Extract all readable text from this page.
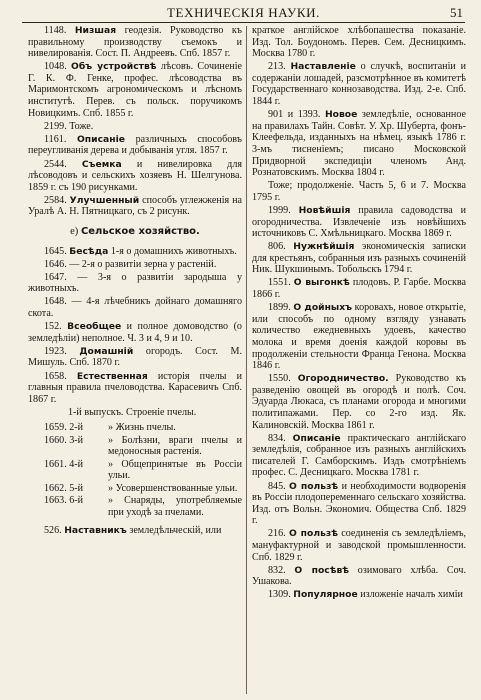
ТЕХНИЧЕСКІЯ НАУКИ.	51

1148. Низшая геодезія. Руководство къ правильному производству съемокъ и нивелированія. Сост. П. Андреевъ. Спб. 1857 г.

1048. Объ устройствѣ лѣсовъ. Сочиненіе Г. К. Ф. Генке, профес. лѣсоводства въ Маримонтскомъ агрономическомъ и лѣсномъ институтѣ. Перев. съ польск. поручикомъ Новицкимъ. Спб. 1855 г.

2199. Тоже.

1161. Описаніе различныхъ способовъ переугливанія дерева и добыванія угля. 1857 г.

2544. Съемка и нивелировка для лѣсоводовъ и сельскихъ хозяевъ Н. Шелгунова. 1859 г. съ 190 рисунками.

2584. Улучшенный способъ углежженія на Уралѣ А. Н. Пятницкаго, съ 2 рисунк.

е) Сельское хозяйство.

1645. Бесѣда 1-я о домашнихъ животныхъ.

1646. — 2-я о развитіи зерна у растеній.

1647. — 3-я о развитіи зародыша у животныхъ.

1648. — 4-я лѣчебникъ дойнаго домашняго скота.

152. Всеобщее и полное домоводство (о земледѣліи) неполное. Ч. 3 и 4, 9 и 10.

1923. Домашній огородъ. Сост. М. Мишуль. Спб. 1870 г.

1658. Естественная исторія пчелы и главныя правила пчеловодства. Карасевичъ Спб. 1867 г.

1-й выпускъ. Строеніе пчелы.

1659. 2-й	» Жизнь пчелы.
1660. 3-й	» Болѣзни, враги пчелы и медоносныя растенія.
1661. 4-й	» Общепринятые въ Россіи ульи.
1662. 5-й	» Усовершенствованные ульи.
1663. 6-й	» Снаряды, употребляемые при уходѣ за пчелами.

526. Наставникъ земледѣльческій, или

краткое англійское хлѣбопашества показаніе. Изд. Тол. Боудономъ. Перев. Сем. Десницкимъ. Москва 1780 г.

213. Наставленіе о случкѣ, воспитаніи и содержаніи лошадей, разсмотрѣнное въ комитетѣ Государственнаго коннозаводства. Изд. 2-е. Спб. 1844 г.

901 и 1393. Новое земледѣліе, основанное на правилахъ Тайн. Совѣт. У. Хр. Шуберта, фонъ-Клеефельда, изданныхъ на нѣмец. языкѣ 1786 г. 3-мъ тисненіемъ; писано Московской Придворной экспедиціи членомъ Анд. Рознатовскимъ. Москва 1804 г.

Тоже; продолженіе. Часть 5, 6 и 7. Москва 1795 г.

1999. Новѣйшія правила садоводства и огородничества. Извлеченіе изъ новѣйшихъ источниковъ С. Хмѣльницкаго. Москва 1869 г.

806. Нужнѣйшія экономическія записки для крестьянъ, собранныя изъ разныхъ сочиненій Ник. Шукшинымъ. Тобольскъ 1794 г.

1551. О выгонкѣ плодовъ. Р. Гарбе. Москва 1866 г.

1899. О дойныхъ коровахъ, новое открытіе, или способъ по одному взгляду узнавать количество ежедневныхъ удоевъ, качество молока и время доенія каждой коровы въ продолженіи стельности Франца Генона. Москва 1846 г.

1550. Огородничество. Руководство къ разведенію овощей въ огородѣ и полѣ. Соч. Эдуарда Люкаса, съ планами огорода и многими политипажами. Пер. со 2-го изд. Як. Калиновскій. Москва 1861 г.

834. Описаніе практическаго англійскаго земледѣлія, собранное изъ разныхъ англійскихъ писателей Г. Самборскимъ. Издъ смотрѣніемъ профес. С. Десницкаго. Москва 1781 г.

845. О пользѣ и необходимости водворенія въ Россіи плодопеременнаго сельскаго хозяйства. Изд. отъ Вольн. Экономич. Общества Спб. 1829 г.

216. О пользѣ соединенія съ земледѣліемъ, мануфактурной и заводской промышленности. Спб. 1829 г.

832. О посѣвѣ озимоваго хлѣба. Соч. Ушакова.

1309. Популярное изложеніе началъ химіи
